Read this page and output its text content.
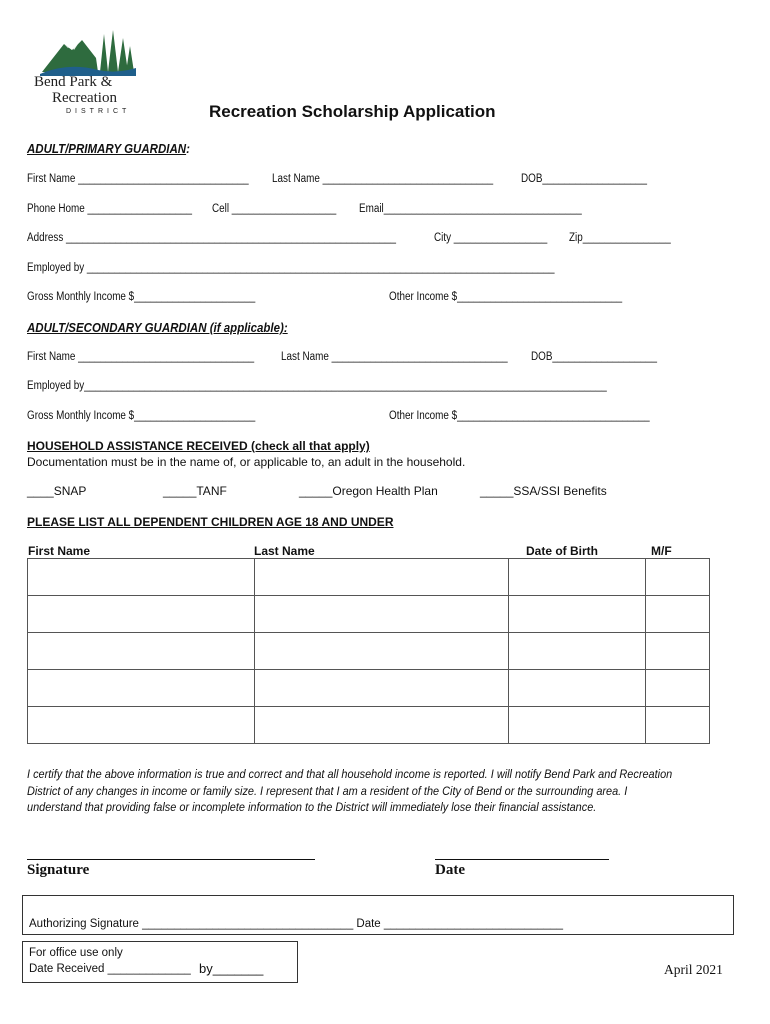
Bend Park &
Recreation
DISTRICT	Recreation Scholarship Application
ADULT/PRIMARY GUARDIAN:
First Name _______________________________ Last Name _______________________________ DOB___________________
Phone Home ___________________ Cell ___________________ Email____________________________________
Address ____________________________________________________________	City _________________ Zip________________
Employed by _____________________________________________________________________________________
Gross Monthly Income $______________________	Other Income $______________________________
ADULT/SECONDARY GUARDIAN (if applicable):
First Name ________________________________ Last Name ________________________________ DOB___________________
Employed by_______________________________________________________________________________________________
Gross Monthly Income $______________________	Other Income $___________________________________
HOUSEHOLD ASSISTANCE RECEIVED (check all that apply)
Documentation must be in the name of, or applicable to, an adult in the household.
____SNAP	_____TANF	_____Oregon Health Plan	_____SSA/SSI Benefits
PLEASE LIST ALL DEPENDENT CHILDREN AGE 18 AND UNDER
First Name	Last Name	Date of Birth	M/F

I certify that the above information is true and correct and that all household income is reported. I will notify Bend Park and Recreation District of any changes in income or family size. I represent that I am a resident of the City of Bend or the surrounding area. I understand that providing false or incomplete information to the District will immediately lose their financial assistance.
Signature	Date
Authorizing Signature _________________________________ Date ____________________________
For office use only
Date Received _____________ by_______	April 2021
